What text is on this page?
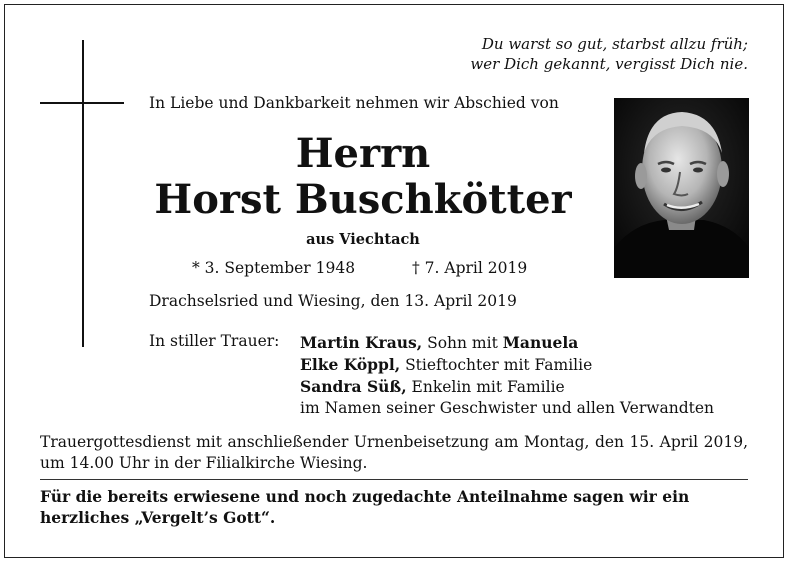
Du warst so gut, starbst allzu früh;
wer Dich gekannt, vergisst Dich nie.
In Liebe und Dankbarkeit nehmen wir Abschied von
Herrn
Horst Buschkötter
aus Viechtach
* 3. September 1948	† 7. April 2019
Drachselsried und Wiesing, den 13. April 2019
In stiller Trauer: Martin Kraus, Sohn mit Manuela
Elke Köppl, Stieftochter mit Familie
Sandra Süß, Enkelin mit Familie
im Namen seiner Geschwister und allen Verwandten
Trauergottesdienst mit anschließender Urnenbeisetzung am Montag, den 15. April 2019, um 14.00 Uhr in der Filialkirche Wiesing.
Für die bereits erwiesene und noch zugedachte Anteilnahme sagen wir ein herzliches „Vergelt’s Gott“.
